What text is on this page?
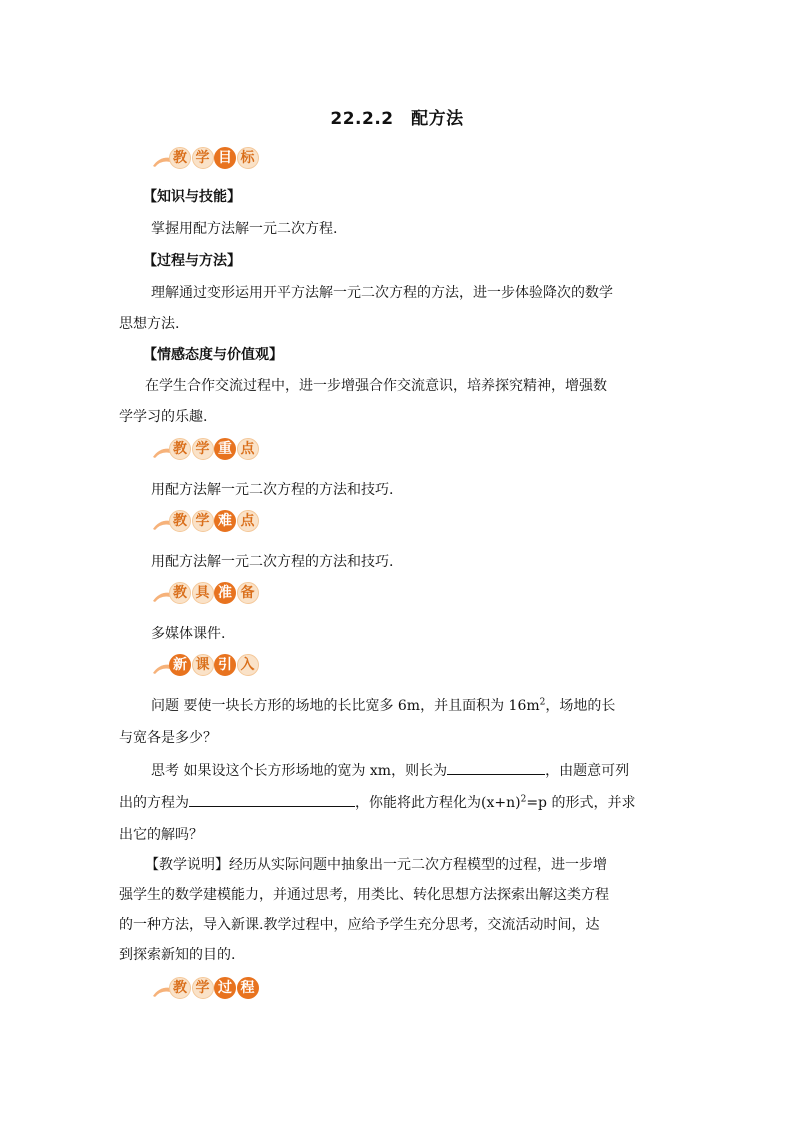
22.2.2　配方法
教 学 目 标
【知识与技能】
掌握用配方法解一元二次方程.
【过程与方法】
理解通过变形运用开平方法解一元二次方程的方法，进一步体验降次的数学
思想方法.
【情感态度与价值观】
在学生合作交流过程中，进一步增强合作交流意识，培养探究精神，增强数
学学习的乐趣.
教 学 重 点
用配方法解一元二次方程的方法和技巧.
教 学 难 点
用配方法解一元二次方程的方法和技巧.
教 具 准 备
多媒体课件.
新 课 引 入
问题 要使一块长方形的场地的长比宽多 6m，并且面积为 $16m^2$，场地的长
与宽各是多少？
思考 如果设这个长方形场地的宽为 xm，则长为	，由题意可列
出的方程为	，你能将此方程化为$(x+n)^2=p$ 的形式，并求
出它的解吗？
【教学说明】经历从实际问题中抽象出一元二次方程模型的过程，进一步增
强学生的数学建模能力，并通过思考，用类比、转化思想方法探索出解这类方程
的一种方法，导入新课.教学过程中，应给予学生充分思考，交流活动时间，达
到探索新知的目的.
教 学 过 程
